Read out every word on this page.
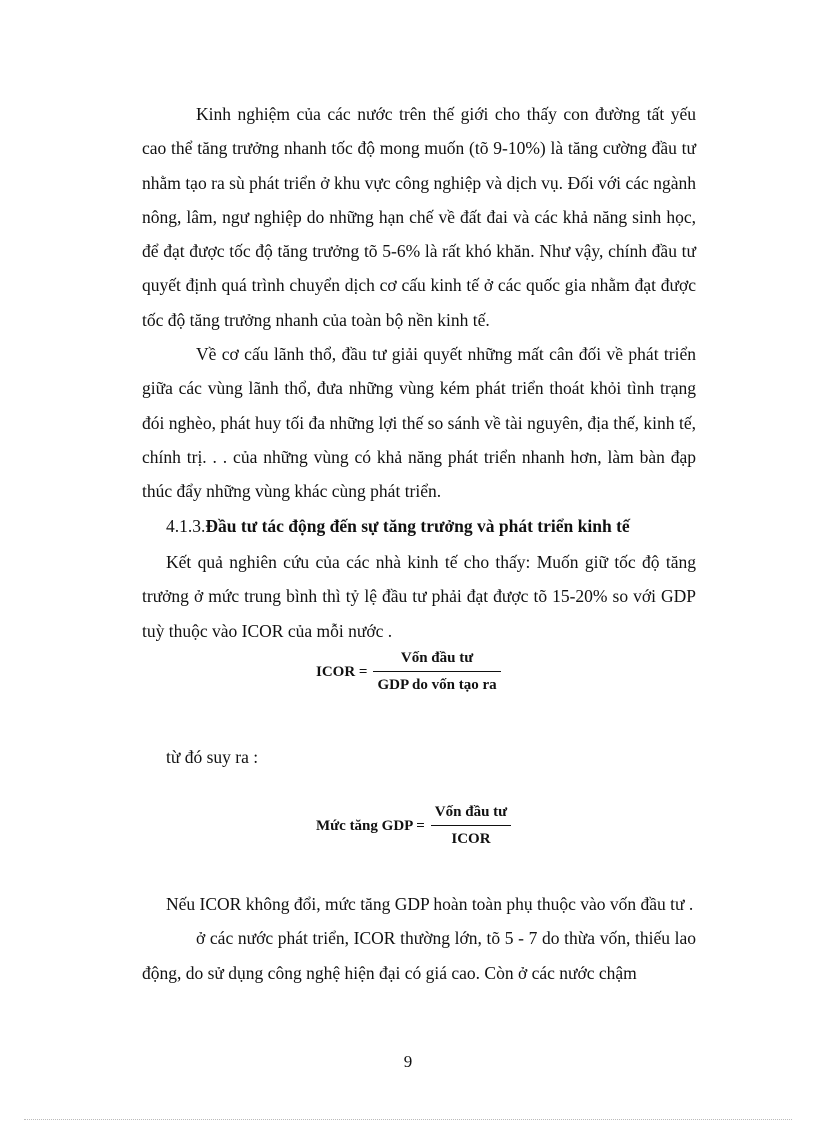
Kinh nghiệm của các nước trên thế giới cho thấy con đường tất yếu cao thể tăng trưởng nhanh tốc độ mong muốn (tõ 9-10%) là tăng cường đầu tư nhằm tạo ra sù phát triển ở khu vực công nghiệp và dịch vụ. Đối với các ngành nông, lâm, ngư nghiệp do những hạn chế về đất đai và các khả năng sinh học, để đạt được tốc độ tăng trưởng tõ 5-6% là rất khó khăn. Như vậy, chính đầu tư quyết định quá trình chuyển dịch cơ cấu kinh tế ở các quốc gia nhằm đạt được tốc độ tăng trưởng nhanh của toàn bộ nền kinh tế.

Về cơ cấu lãnh thổ, đầu tư giải quyết những mất cân đối về phát triển giữa các vùng lãnh thổ, đưa những vùng kém phát triển thoát khỏi tình trạng đói nghèo, phát huy tối đa những lợi thế so sánh về tài nguyên, địa thế, kinh tế, chính trị. . . của những vùng có khả năng phát triển nhanh hơn, làm bàn đạp thúc đẩy những vùng khác cùng phát triển.

4.1.3.Đầu tư tác động đến sự tăng trưởng và phát triển kinh tế

Kết quả nghiên cứu của các nhà kinh tế cho thấy: Muốn giữ tốc độ tăng trưởng ở mức trung bình thì tỷ lệ đầu tư phải đạt được tõ 15-20% so với GDP tuỳ thuộc vào ICOR của mỗi nước .

ICOR = $\frac{\text{Vốn đầu tư}}{\text{GDP do vốn tạo ra}}$
từ đó suy ra :
Mức tăng GDP = $\frac{\text{Vốn đầu tư}}{\text{ICOR}}$

Nếu ICOR không đổi, mức tăng GDP hoàn toàn phụ thuộc vào vốn đầu tư .

ở các nước phát triển, ICOR thường lớn, tõ 5 - 7 do thừa vốn, thiếu lao động, do sử dụng công nghệ hiện đại có giá cao. Còn ở các nước chậm

9
